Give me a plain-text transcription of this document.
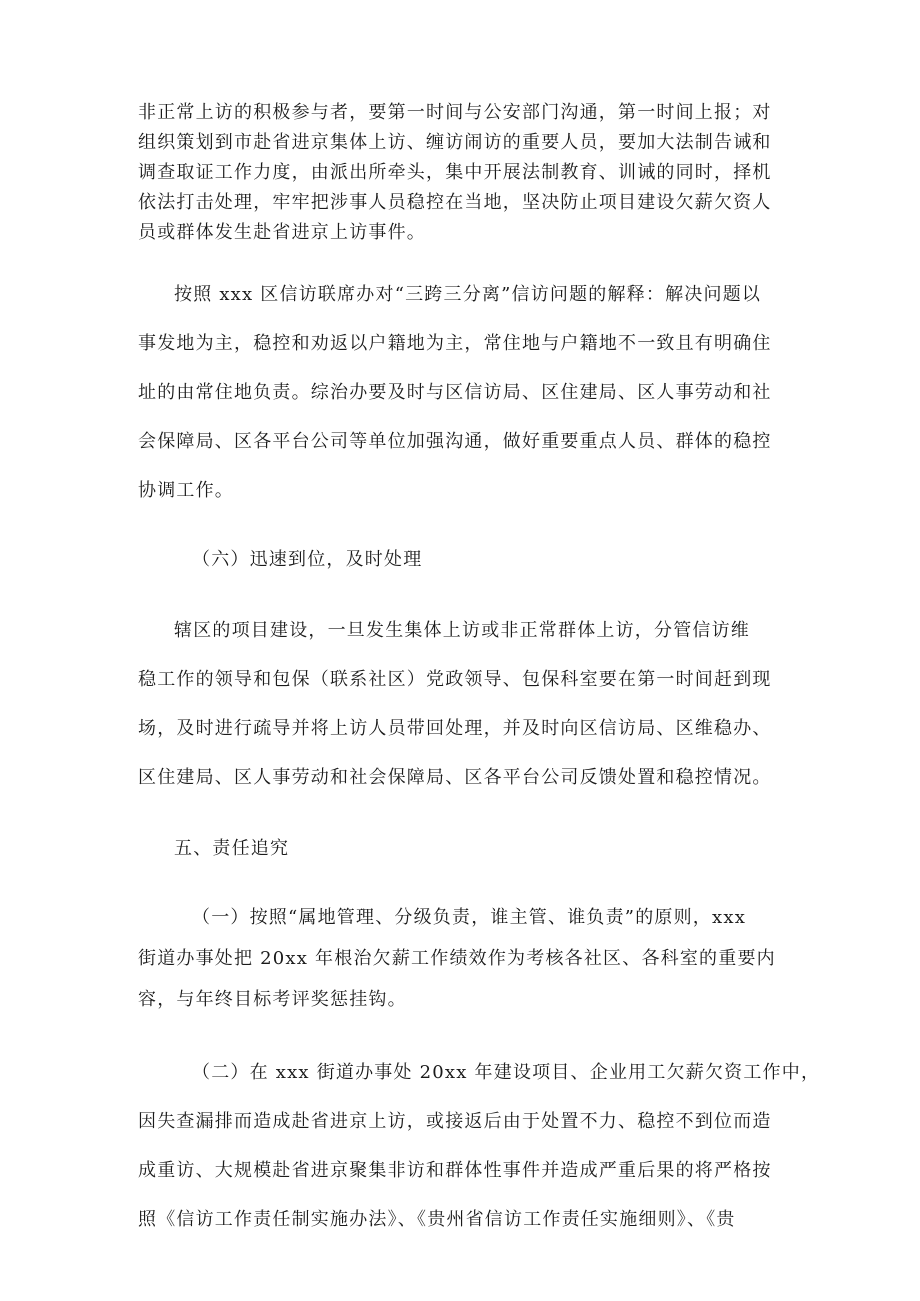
非正常上访的积极参与者，要第一时间与公安部门沟通，第一时间上报；对
组织策划到市赴省进京集体上访、缠访闹访的重要人员，要加大法制告诫和
调查取证工作力度，由派出所牵头，集中开展法制教育、训诫的同时，择机
依法打击处理，牢牢把涉事人员稳控在当地，坚决防止项目建设欠薪欠资人
员或群体发生赴省进京上访事件。
按照 xxx 区信访联席办对“三跨三分离”信访问题的解释：解决问题以
事发地为主，稳控和劝返以户籍地为主，常住地与户籍地不一致且有明确住
址的由常住地负责。综治办要及时与区信访局、区住建局、区人事劳动和社
会保障局、区各平台公司等单位加强沟通，做好重要重点人员、群体的稳控
协调工作。
（六）迅速到位，及时处理
辖区的项目建设，一旦发生集体上访或非正常群体上访，分管信访维
稳工作的领导和包保（联系社区）党政领导、包保科室要在第一时间赶到现
场，及时进行疏导并将上访人员带回处理，并及时向区信访局、区维稳办、
区住建局、区人事劳动和社会保障局、区各平台公司反馈处置和稳控情况。
五、责任追究
（一）按照“属地管理、分级负责，谁主管、谁负责”的原则，xxx
街道办事处把 20xx 年根治欠薪工作绩效作为考核各社区、各科室的重要内
容，与年终目标考评奖惩挂钩。
（二）在 xxx 街道办事处 20xx 年建设项目、企业用工欠薪欠资工作中，
因失查漏排而造成赴省进京上访，或接返后由于处置不力、稳控不到位而造
成重访、大规模赴省进京聚集非访和群体性事件并造成严重后果的将严格按
照《信访工作责任制实施办法》、《贵州省信访工作责任实施细则》、《贵
